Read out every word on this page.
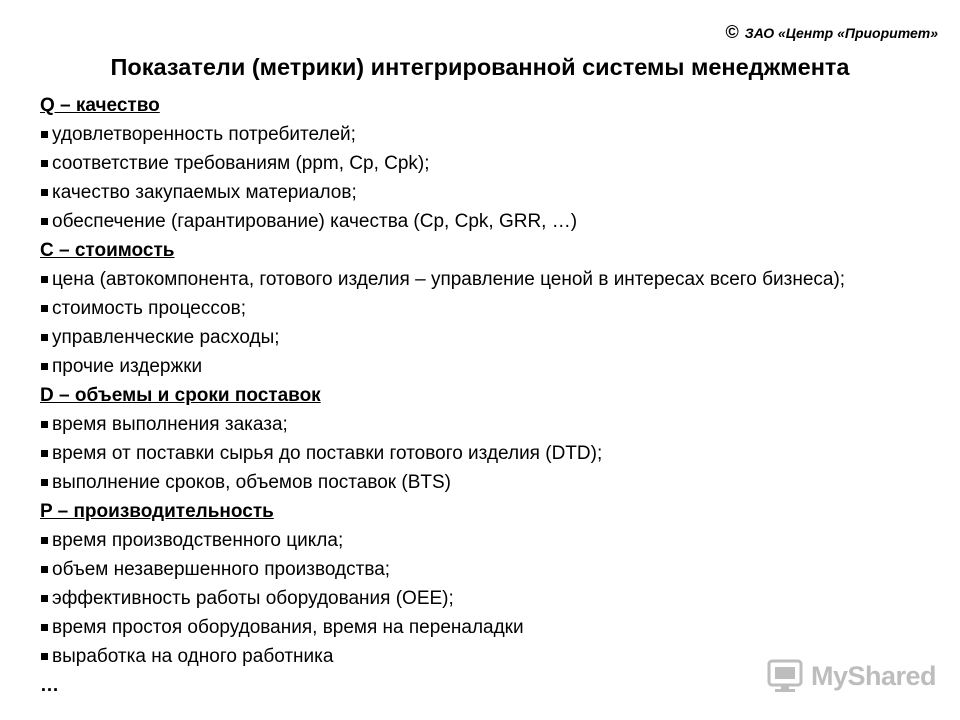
© ЗАО «Центр «Приоритет»
Показатели (метрики) интегрированной системы менеджмента
Q – качество
удовлетворенность потребителей;
соответствие требованиям (ppm, Cp, Cpk);
качество закупаемых материалов;
обеспечение (гарантирование) качества (Cp, Cpk, GRR, …)
C – стоимость
цена (автокомпонента, готового изделия – управление ценой в интересах всего бизнеса);
стоимость процессов;
управленческие расходы;
прочие издержки
D – объемы и сроки поставок
время выполнения заказа;
время от поставки сырья до поставки готового изделия (DTD);
выполнение сроков, объемов поставок (BTS)
P – производительность
время производственного цикла;
объем незавершенного производства;
эффективность работы оборудования (OEE);
время простоя оборудования, время на переналадки
выработка на одного работника
…	MyShared
